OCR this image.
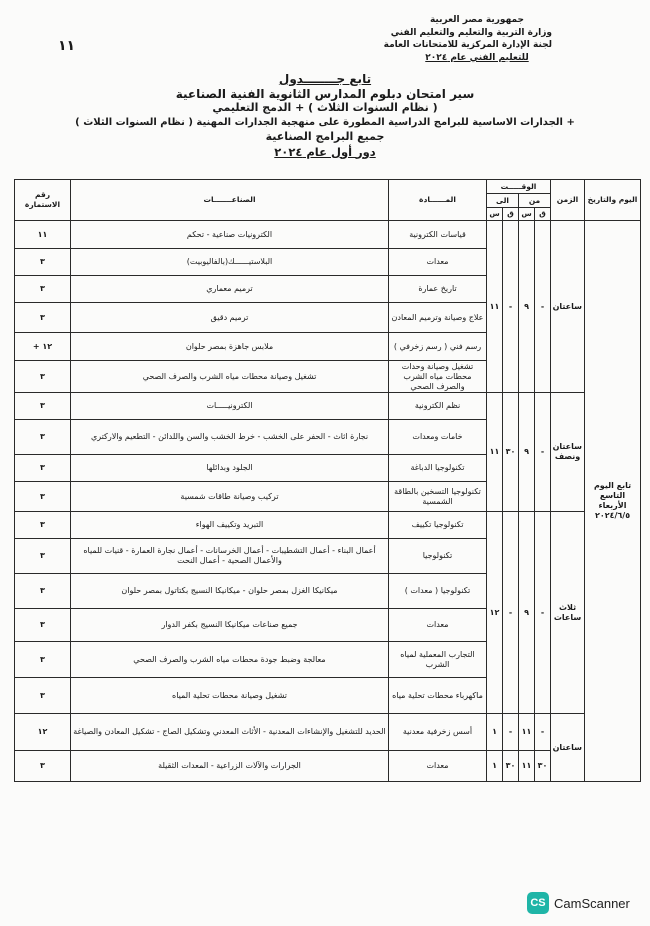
جمهورية مصر العربية
وزارة التربية والتعليم والتعليم الفني
لجنة الإدارة المركزية للامتحانات العامة
للتعليم الفني عام ٢٠٢٤
١١
تابع جــــــــدول
سير امتحان دبلوم المدارس الثانوية الفنية الصناعية
( نظام السنوات الثلاث ) + الدمج التعليمي
+ الجدارات الاساسية للبرامج الدراسية المطورة على منهجية الجدارات المهنية ( نظام السنوات الثلاث )
جميع البرامج الصناعية
دور أول عام ٢٠٢٤
اليوم والتاريخ	الزمن	الوقـــــت				المــــــادة	الصناعـــــــات	رقم الاستمارة
		من		الى				
		ق	س	ق	س			
تابع اليوم التاسع الأربعاء ٢٠٢٤/٦/٥	ساعتان	-	٩	-	١١	قياسات الكترونية	الكترونيات صناعية - تحكم	١١
						معدات	البلاستيــــــك(بالفاليوبيت)	٣
						تاريخ عمارة	ترميم معماري	٣
						علاج وصيانة وترميم المعادن	ترميم دقيق	٣
						رسم فني ( رسم زخرفي )	ملابس جاهزة بمصر حلوان	١٢ +
						تشغيل وصيانة وحدات محطات مياه الشرب والصرف الصحي	تشغيل وصيانة محطات مياه الشرب والصرف الصحي	٣
	ساعتان ونصف	-	٩	٣٠	١١	نظم الكترونية	الكترونيـــــات	٣
						خامات ومعدات	نجارة اثاث - الحفر على الخشب - خرط الخشب والسن واللدائن - التطعيم والاركتري	٣
						تكنولوجيا الدباغة	الجلود وبدائلها	٣
						تكنولوجيا التسخين بالطاقة الشمسية	تركيب وصيانة طاقات شمسية	٣
	ثلاث ساعات	-	٩	-	١٢	تكنولوجيا تكييف	التبريد وتكييف الهواء	٣
						تكنولوجيا	أعمال البناء - أعمال التشطيبات - أعمال الخرسانات - أعمال نجارة العمارة - قنيات للمياه والأعمال الصحية - أعمال النحت	٣
						تكنولوجيا ( معدات )	ميكانيكا الغزل بمصر حلوان - ميكانيكا النسيج بكتاتول بمصر حلوان	٣
						معدات	جميع صناعات ميكانيكا النسيج بكفر الدوار	٣
						التجارب المعملية لمياه الشرب	معالجة وضبط جودة محطات مياه الشرب والصرف الصحي	٣
						ماكهرباء محطات تحلية مياه	تشغيل وصيانة محطات تحلية المياه	٣
	ساعتان	-	١١	-	١	أسس زخرفية معدنية	الحديد للتشغيل والإنشاءات المعدنية - الأثاث المعدني وتشكيل الصاج - تشكيل المعادن والصياغة	١٢
		٣٠	١١	٣٠	١	معدات	الجرارات والآلات الزراعية - المعدات الثقيلة	٣
CS CamScanner
